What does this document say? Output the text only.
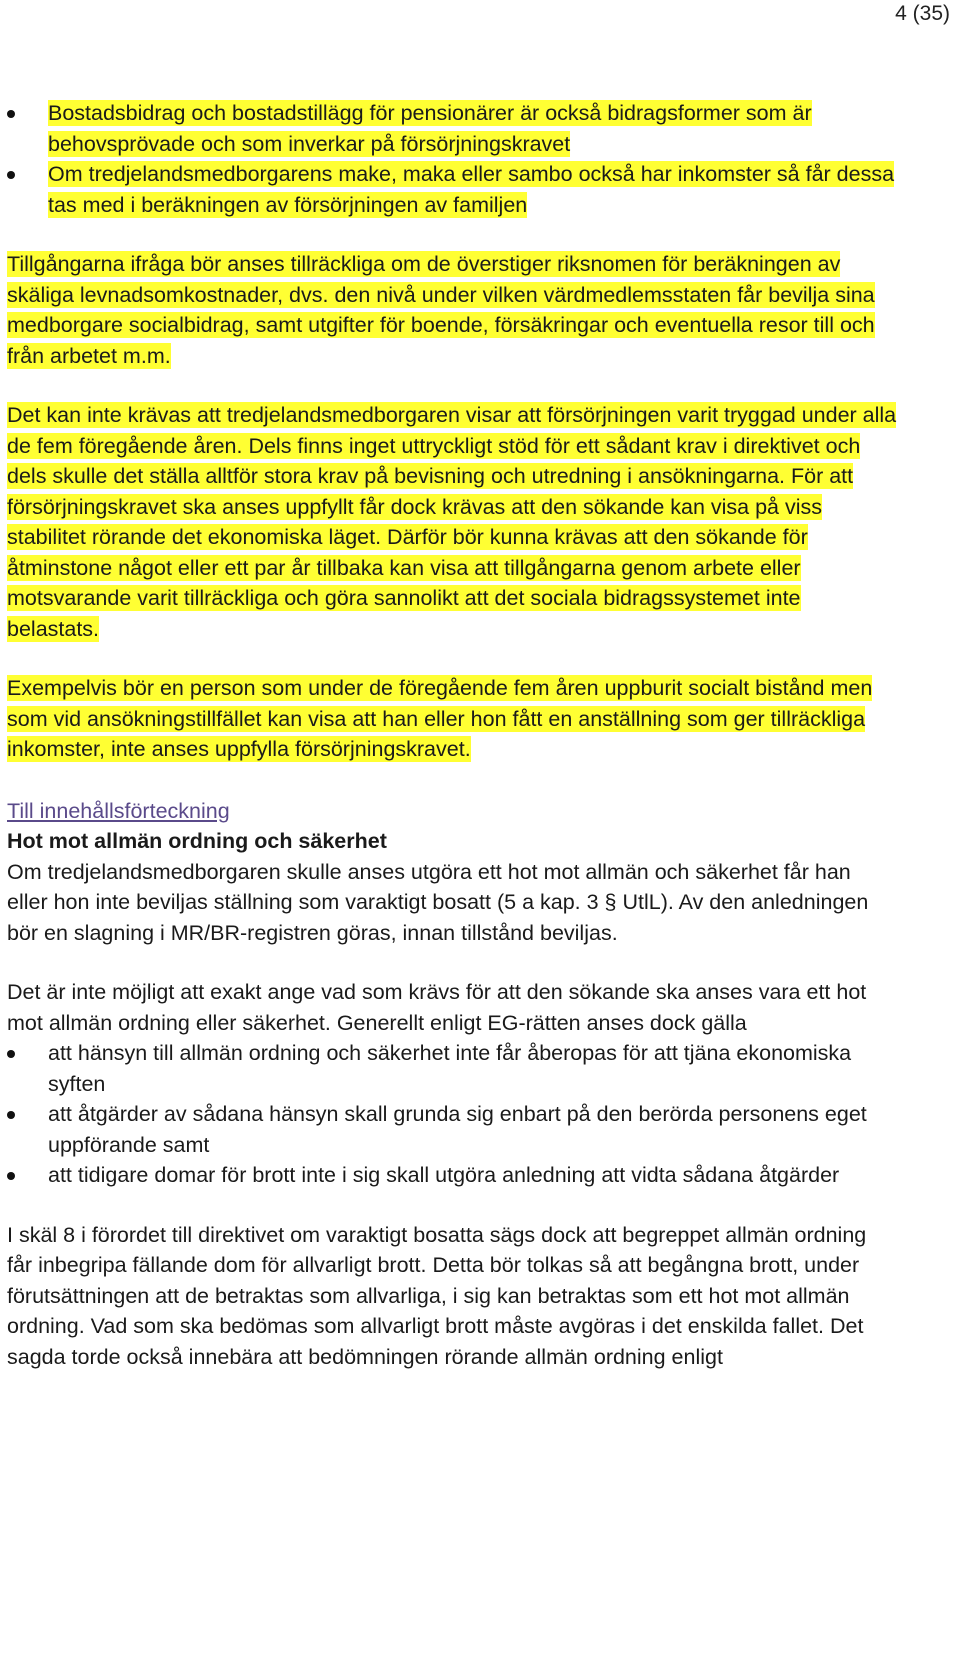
4 (35)
Bostadsbidrag och bostadstillägg för pensionärer är också bidragsformer som är behovsprövade och som inverkar på försörjningskravet
Om tredjelandsmedborgarens make, maka eller sambo också har inkomster så får dessa tas med i beräkningen av försörjningen av familjen

Tillgångarna ifråga bör anses tillräckliga om de överstiger riksnomen för beräkningen av skäliga levnadsomkostnader, dvs. den nivå under vilken värdmedlemsstaten får bevilja sina medborgare socialbidrag, samt utgifter för boende, försäkringar och eventuella resor till och från arbetet m.m.

Det kan inte krävas att tredjelandsmedborgaren visar att försörjningen varit tryggad under alla de fem föregående åren. Dels finns inget uttryckligt stöd för ett sådant krav i direktivet och dels skulle det ställa alltför stora krav på bevisning och utredning i ansökningarna. För att försörjningskravet ska anses uppfyllt får dock krävas att den sökande kan visa på viss stabilitet rörande det ekonomiska läget. Därför bör kunna krävas att den sökande för åtminstone något eller ett par år tillbaka kan visa att tillgångarna genom arbete eller motsvarande varit tillräckliga och göra sannolikt att det sociala bidragssystemet inte belastats.

Exempelvis bör en person som under de föregående fem åren uppburit socialt bistånd men som vid ansökningstillfället kan visa att han eller hon fått en anställning som ger tillräckliga inkomster, inte anses uppfylla försörjningskravet.

Till innehållsförteckning

Hot mot allmän ordning och säkerhet

Om tredjelandsmedborgaren skulle anses utgöra ett hot mot allmän och säkerhet får han eller hon inte beviljas ställning som varaktigt bosatt (5 a kap. 3 § UtlL). Av den anledningen bör en slagning i MR/BR-registren göras, innan tillstånd beviljas.

Det är inte möjligt att exakt ange vad som krävs för att den sökande ska anses vara ett hot mot allmän ordning eller säkerhet. Generellt enligt EG-rätten anses dock gälla

att hänsyn till allmän ordning och säkerhet inte får åberopas för att tjäna ekonomiska syften
att åtgärder av sådana hänsyn skall grunda sig enbart på den berörda personens eget uppförande samt
att tidigare domar för brott inte i sig skall utgöra anledning att vidta sådana åtgärder

I skäl 8 i förordet till direktivet om varaktigt bosatta sägs dock att begreppet allmän ordning får inbegripa fällande dom för allvarligt brott. Detta bör tolkas så att begångna brott, under förutsättningen att de betraktas som allvarliga, i sig kan betraktas som ett hot mot allmän ordning. Vad som ska bedömas som allvarligt brott måste avgöras i det enskilda fallet. Det sagda torde också innebära att bedömningen rörande allmän ordning enligt
